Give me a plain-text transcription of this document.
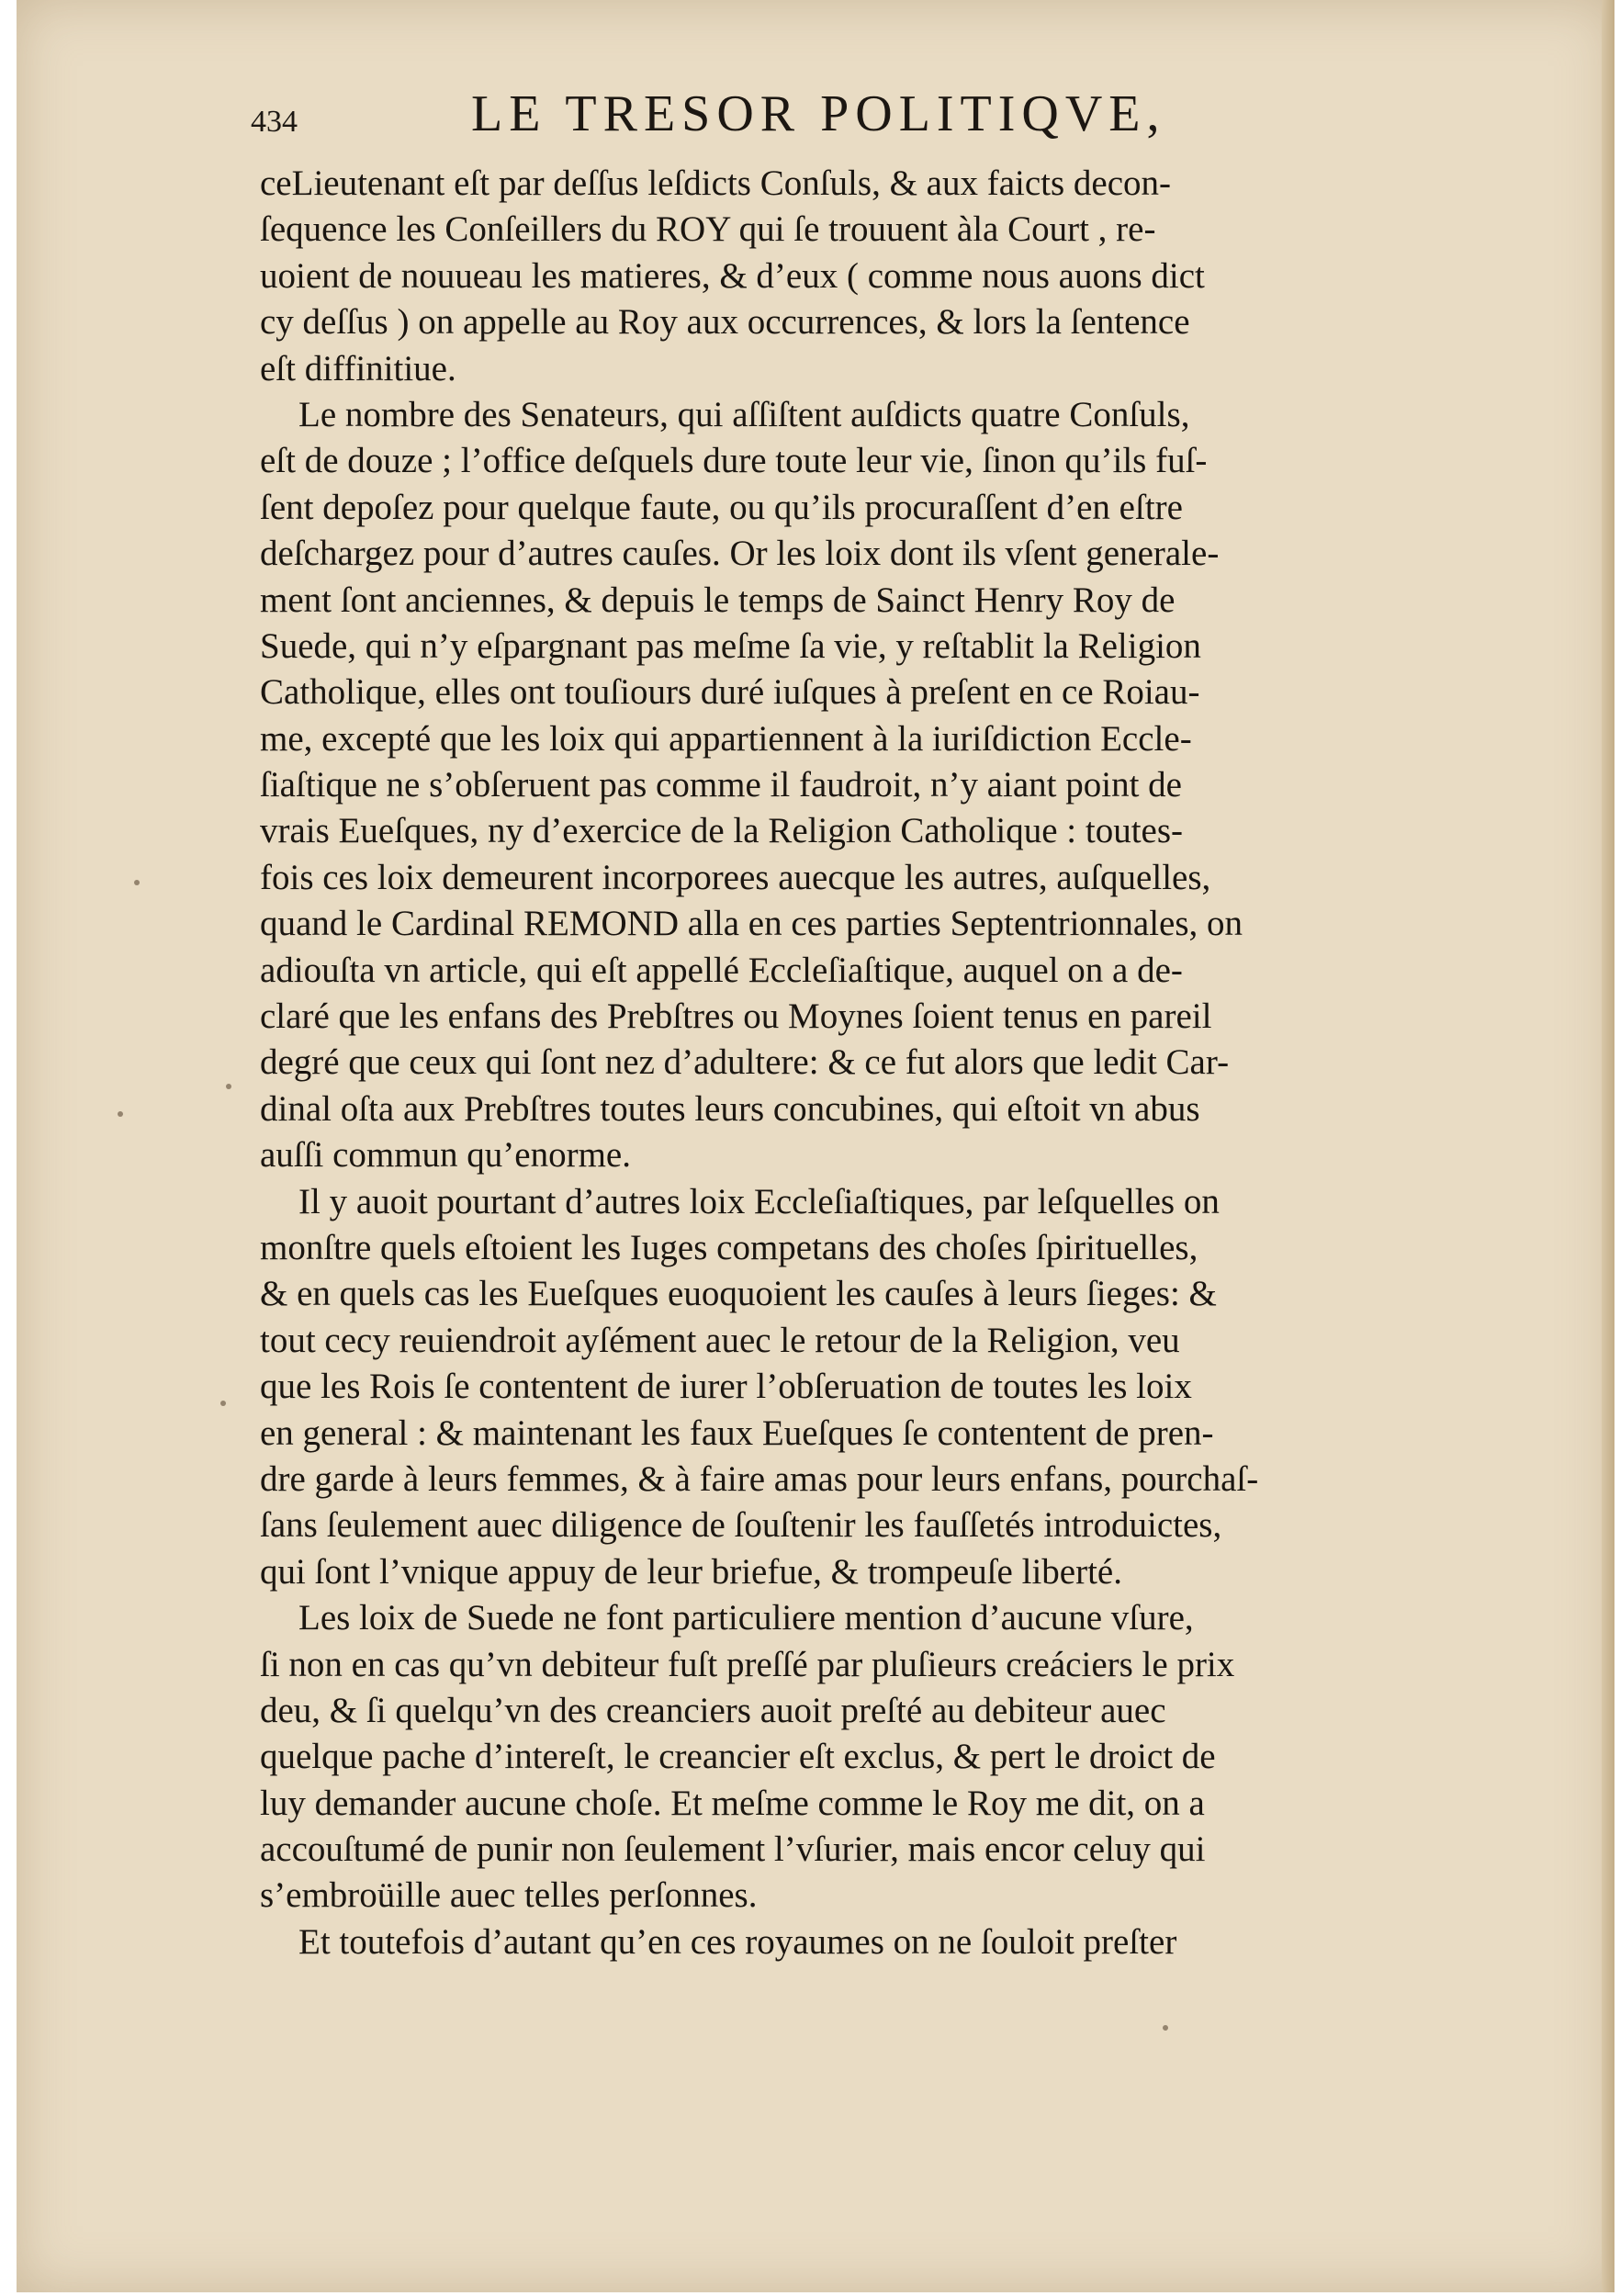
434	LE TRESOR POLITIQVE,
ceLieutenant eſt par deſſus leſdicts Conſuls, & aux faicts decon-
ſequence les Conſeillers du ROY qui ſe trouuent àla Court , re-
uoient de nouueau les matieres, & d’eux ( comme nous auons dict
cy deſſus ) on appelle au Roy aux occurrences, & lors la ſentence
eſt diffinitiue.
Le nombre des Senateurs, qui aſſiſtent auſdicts quatre Conſuls,
eſt de douze ; l’office deſquels dure toute leur vie, ſinon qu’ils fuſ-
ſent depoſez pour quelque faute, ou qu’ils procuraſſent d’en eſtre
deſchargez pour d’autres cauſes. Or les loix dont ils vſent generale-
ment ſont anciennes, & depuis le temps de Sainct Henry Roy de
Suede, qui n’y eſpargnant pas meſme ſa vie, y reſtablit la Religion
Catholique, elles ont touſiours duré iuſques à preſent en ce Roiau-
me, excepté que les loix qui appartiennent à la iuriſdiction Eccle-
ſiaſtique ne s’obſeruent pas comme il faudroit, n’y aiant point de
vrais Eueſques, ny d’exercice de la Religion Catholique : toutes-
fois ces loix demeurent incorporees auecque les autres, auſquelles,
quand le Cardinal REMOND alla en ces parties Septentrionnales, on
adiouſta vn article, qui eſt appellé Eccleſiaſtique, auquel on a de-
claré que les enfans des Prebſtres ou Moynes ſoient tenus en pareil
degré que ceux qui ſont nez d’adultere: & ce fut alors que ledit Car-
dinal oſta aux Prebſtres toutes leurs concubines, qui eſtoit vn abus
auſſi commun qu’enorme.
Il y auoit pourtant d’autres loix Eccleſiaſtiques, par leſquelles on
monſtre quels eſtoient les Iuges competans des choſes ſpirituelles,
& en quels cas les Eueſques euoquoient les cauſes à leurs ſieges: &
tout cecy reuiendroit ayſément auec le retour de la Religion, veu
que les Rois ſe contentent de iurer l’obſeruation de toutes les loix
en general : & maintenant les faux Eueſques ſe contentent de pren-
dre garde à leurs femmes, & à faire amas pour leurs enfans, pourchaſ-
ſans ſeulement auec diligence de ſouſtenir les fauſſetés introduictes,
qui ſont l’vnique appuy de leur briefue, & trompeuſe liberté.
Les loix de Suede ne font particuliere mention d’aucune vſure,
ſi non en cas qu’vn debiteur fuſt preſſé par pluſieurs creáciers le prix
deu, & ſi quelqu’vn des creanciers auoit preſté au debiteur auec
quelque pache d’intereſt, le creancier eſt exclus, & pert le droict de
luy demander aucune choſe. Et meſme comme le Roy me dit, on a
accouſtumé de punir non ſeulement l’vſurier, mais encor celuy qui
s’embroüille auec telles perſonnes.
Et toutefois d’autant qu’en ces royaumes on ne ſouloit preſter
